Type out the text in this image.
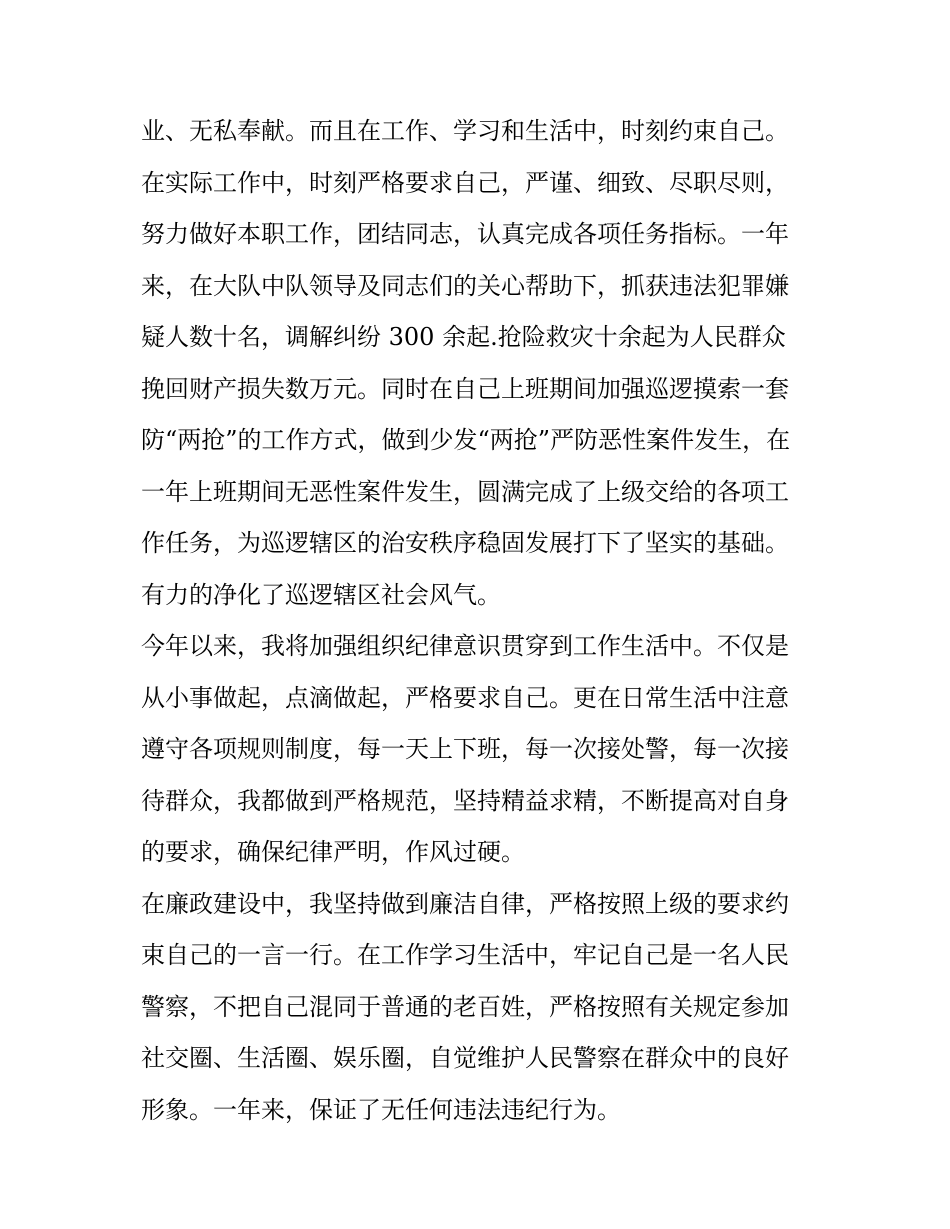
业、无私奉献。而且在工作、学习和生活中，时刻约束自己。
在实际工作中，时刻严格要求自己，严谨、细致、尽职尽则，
努力做好本职工作，团结同志，认真完成各项任务指标。一年
来，在大队中队领导及同志们的关心帮助下，抓获违法犯罪嫌
疑人数十名，调解纠纷 300 余起.抢险救灾十余起为人民群众
挽回财产损失数万元。同时在自己上班期间加强巡逻摸索一套
防“两抢”的工作方式，做到少发“两抢”严防恶性案件发生，在
一年上班期间无恶性案件发生，圆满完成了上级交给的各项工
作任务，为巡逻辖区的治安秩序稳固发展打下了坚实的基础。
有力的净化了巡逻辖区社会风气。
今年以来，我将加强组织纪律意识贯穿到工作生活中。不仅是
从小事做起，点滴做起，严格要求自己。更在日常生活中注意
遵守各项规则制度，每一天上下班，每一次接处警，每一次接
待群众，我都做到严格规范，坚持精益求精，不断提高对自身
的要求，确保纪律严明，作风过硬。
在廉政建设中，我坚持做到廉洁自律，严格按照上级的要求约
束自己的一言一行。在工作学习生活中，牢记自己是一名人民
警察，不把自己混同于普通的老百姓，严格按照有关规定参加
社交圈、生活圈、娱乐圈，自觉维护人民警察在群众中的良好
形象。一年来，保证了无任何违法违纪行为。
